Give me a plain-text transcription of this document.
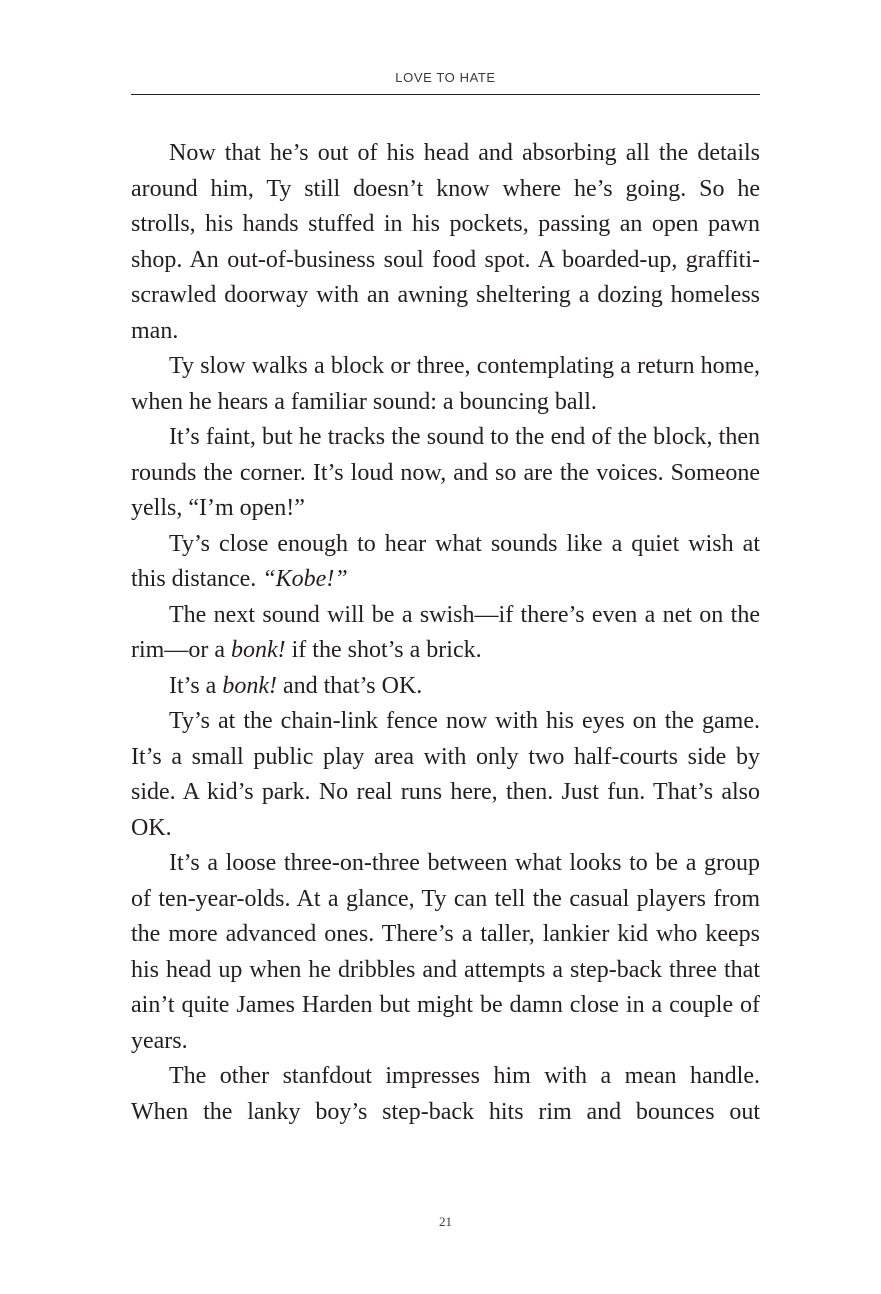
LOVE TO HATE

Now that he’s out of his head and absorbing all the details around him, Ty still doesn’t know where he’s going. So he strolls, his hands stuffed in his pockets, passing an open pawn shop. An out-of-business soul food spot. A boarded-up, graffiti-scrawled doorway with an awning sheltering a dozing homeless man.

Ty slow walks a block or three, contemplating a return home, when he hears a familiar sound: a bouncing ball.

It’s faint, but he tracks the sound to the end of the block, then rounds the corner. It’s loud now, and so are the voices. Someone yells, “I’m open!”

Ty’s close enough to hear what sounds like a quiet wish at this distance. “Kobe!”

The next sound will be a swish—if there’s even a net on the rim—or a bonk! if the shot’s a brick.

It’s a bonk! and that’s OK.

Ty’s at the chain-link fence now with his eyes on the game. It’s a small public play area with only two half-courts side by side. A kid’s park. No real runs here, then. Just fun. That’s also OK.

It’s a loose three-on-three between what looks to be a group of ten-year-olds. At a glance, Ty can tell the casual players from the more advanced ones. There’s a taller, lankier kid who keeps his head up when he dribbles and attempts a step-back three that ain’t quite James Harden but might be damn close in a couple of years.

The other stanfdout impresses him with a mean handle. When the lanky boy’s step-back hits rim and bounces out

21
